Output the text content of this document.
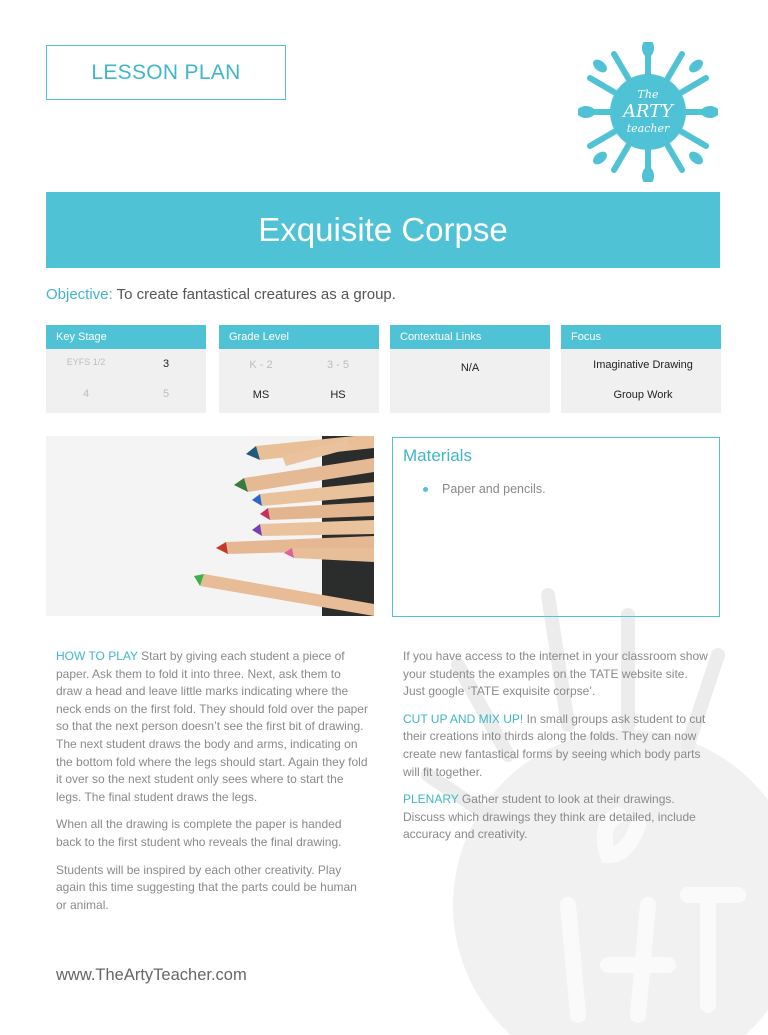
LESSON PLAN
The
ARTY
teacher
Exquisite Corpse
Objective: To create fantastical creatures as a group.
Key Stage
EYFS 1/2	3
4	5
Grade Level
K - 2	3 - 5
MS	HS
Contextual Links
N/A
Focus
Imaginative Drawing
Group Work
Materials
Paper and pencils.

HOW TO PLAY Start by giving each student a piece of paper. Ask them to fold it into three. Next, ask them to draw a head and leave little marks indicating where the neck ends on the first fold. They should fold over the paper so that the next person doesn’t see the first bit of drawing. The next student draws the body and arms, indicating on the bottom fold where the legs should start. Again they fold it over so the next student only sees where to start the legs. The final student draws the legs.

When all the drawing is complete the paper is handed back to the first student who reveals the final drawing.

Students will be inspired by each other creativity. Play again this time suggesting that the parts could be human or animal.

If you have access to the internet in your classroom show your students the examples on the TATE website site. Just google ‘TATE exquisite corpse’.

CUT UP AND MIX UP! In small groups ask student to cut their creations into thirds along the folds. They can now create new fantastical forms by seeing which body parts will fit together.

PLENARY Gather student to look at their drawings. Discuss which drawings they think are detailed, include accuracy and creativity.

www.TheArtyTeacher.com
